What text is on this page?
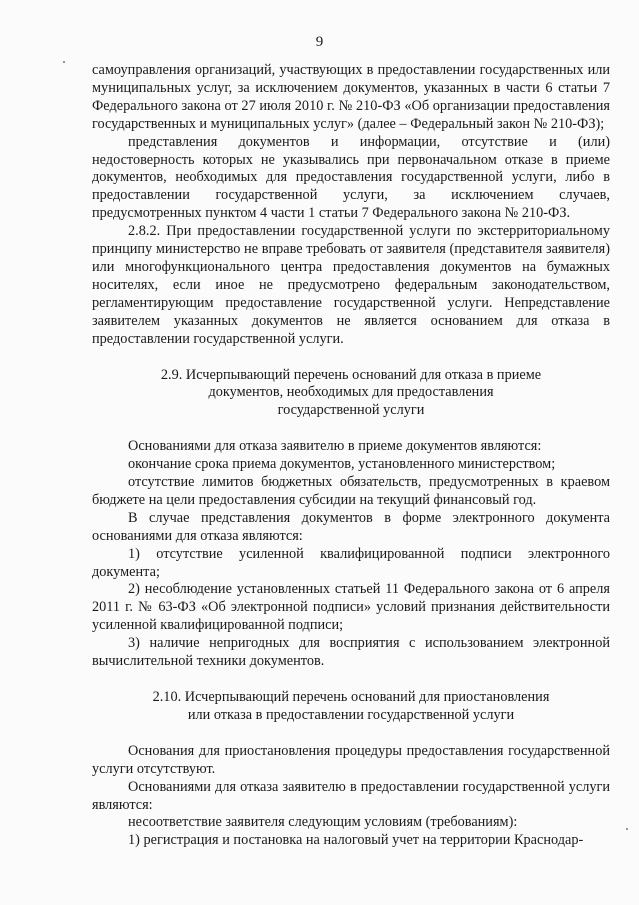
9

самоуправления организаций, участвующих в предоставлении государственных или муниципальных услуг, за исключением документов, указанных в части 6 статьи 7 Федерального закона от 27 июля 2010 г. № 210-ФЗ «Об организации предоставления государственных и муниципальных услуг» (далее – Федеральный закон № 210-ФЗ);

представления документов и информации, отсутствие и (или) недостоверность которых не указывались при первоначальном отказе в приеме документов, необходимых для предоставления государственной услуги, либо в предоставлении государственной услуги, за исключением случаев, предусмотренных пунктом 4 части 1 статьи 7 Федерального закона № 210-ФЗ.

2.8.2. При предоставлении государственной услуги по экстерриториальному принципу министерство не вправе требовать от заявителя (представителя заявителя) или многофункционального центра предоставления документов на бумажных носителях, если иное не предусмотрено федеральным законодательством, регламентирующим предоставление государственной услуги. Непредставление заявителем указанных документов не является основанием для отказа в предоставлении государственной услуги.

2.9. Исчерпывающий перечень оснований для отказа в приеме

документов, необходимых для предоставления

государственной услуги

Основаниями для отказа заявителю в приеме документов являются:

окончание срока приема документов, установленного министерством;

отсутствие лимитов бюджетных обязательств, предусмотренных в краевом бюджете на цели предоставления субсидии на текущий финансовый год.

В случае представления документов в форме электронного документа основаниями для отказа являются:

1) отсутствие усиленной квалифицированной подписи электронного документа;

2) несоблюдение установленных статьей 11 Федерального закона от 6 апреля 2011 г. № 63-ФЗ «Об электронной подписи» условий признания действительности усиленной квалифицированной подписи;

3) наличие непригодных для восприятия с использованием электронной вычислительной техники документов.

2.10. Исчерпывающий перечень оснований для приостановления

или отказа в предоставлении государственной услуги

Основания для приостановления процедуры предоставления государственной услуги отсутствуют.

Основаниями для отказа заявителю в предоставлении государственной услуги являются:

несоответствие заявителя следующим условиям (требованиям):

1) регистрация и постановка на налоговый учет на территории Краснодар-
